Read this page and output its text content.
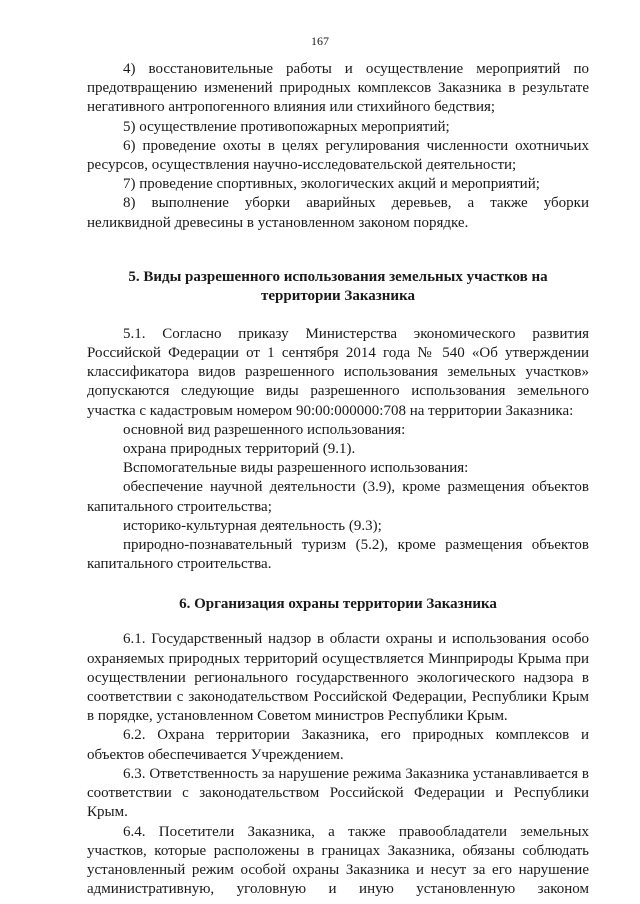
167

4) восстановительные работы и осуществление мероприятий по предотвращению изменений природных комплексов Заказника в результате негативного антропогенного влияния или стихийного бедствия;

5) осуществление противопожарных мероприятий;

6) проведение охоты в целях регулирования численности охотничьих ресурсов, осуществления научно-исследовательской деятельности;

7) проведение спортивных, экологических акций и мероприятий;

8) выполнение уборки аварийных деревьев, а также уборки неликвидной древесины в установленном законом порядке.

5. Виды разрешенного использования земельных участков на
территории Заказника

5.1. Согласно приказу Министерства экономического развития Российской Федерации от 1 сентября 2014 года № 540 «Об утверждении классификатора видов разрешенного использования земельных участков» допускаются следующие виды разрешенного использования земельного участка с кадастровым номером 90:00:000000:708 на территории Заказника:

основной вид разрешенного использования:

охрана природных территорий (9.1).

Вспомогательные виды разрешенного использования:

обеспечение научной деятельности (3.9), кроме размещения объектов капитального строительства;

историко-культурная деятельность (9.3);

природно-познавательный туризм (5.2), кроме размещения объектов капитального строительства.

6. Организация охраны территории Заказника

6.1. Государственный надзор в области охраны и использования особо охраняемых природных территорий осуществляется Минприроды Крыма при осуществлении регионального государственного экологического надзора в соответствии с законодательством Российской Федерации, Республики Крым в порядке, установленном Советом министров Республики Крым.

6.2. Охрана территории Заказника, его природных комплексов и объектов обеспечивается Учреждением.

6.3. Ответственность за нарушение режима Заказника устанавливается в соответствии с законодательством Российской Федерации и Республики Крым.

6.4. Посетители Заказника, а также правообладатели земельных участков, которые расположены в границах Заказника, обязаны соблюдать установленный режим особой охраны Заказника и несут за его нарушение административную, уголовную и иную установленную законом
